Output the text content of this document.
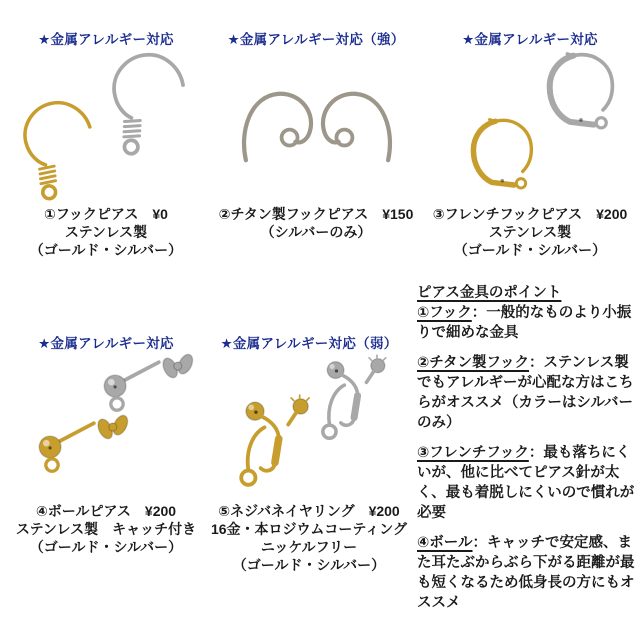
★金属アレルギー対応
①フックピアス　¥0
ステンレス製
（ゴールド・シルバー）
★金属アレルギー対応（強）
②チタン製フックピアス　¥150
（シルバーのみ）
★金属アレルギー対応
③フレンチフックピアス　¥200
ステンレス製
（ゴールド・シルバー）
★金属アレルギー対応
④ボールピアス　¥200
ステンレス製　キャッチ付き
（ゴールド・シルバー）
★金属アレルギー対応（弱）
⑤ネジバネイヤリング　¥200
16金・本ロジウムコーティング
ニッケルフリー
（ゴールド・シルバー）
ピアス金具のポイント

①フック：一般的なものより小振りで細めな金具

②チタン製フック：ステンレス製でもアレルギーが心配な方はこちらがオススメ（カラーはシルバーのみ）

③フレンチフック：最も落ちにくいが、他に比べてピアス針が太く、最も着脱しにくいので慣れが必要

④ボール：キャッチで安定感、また耳たぶからぶら下がる距離が最も短くなるため低身長の方にもオススメ
